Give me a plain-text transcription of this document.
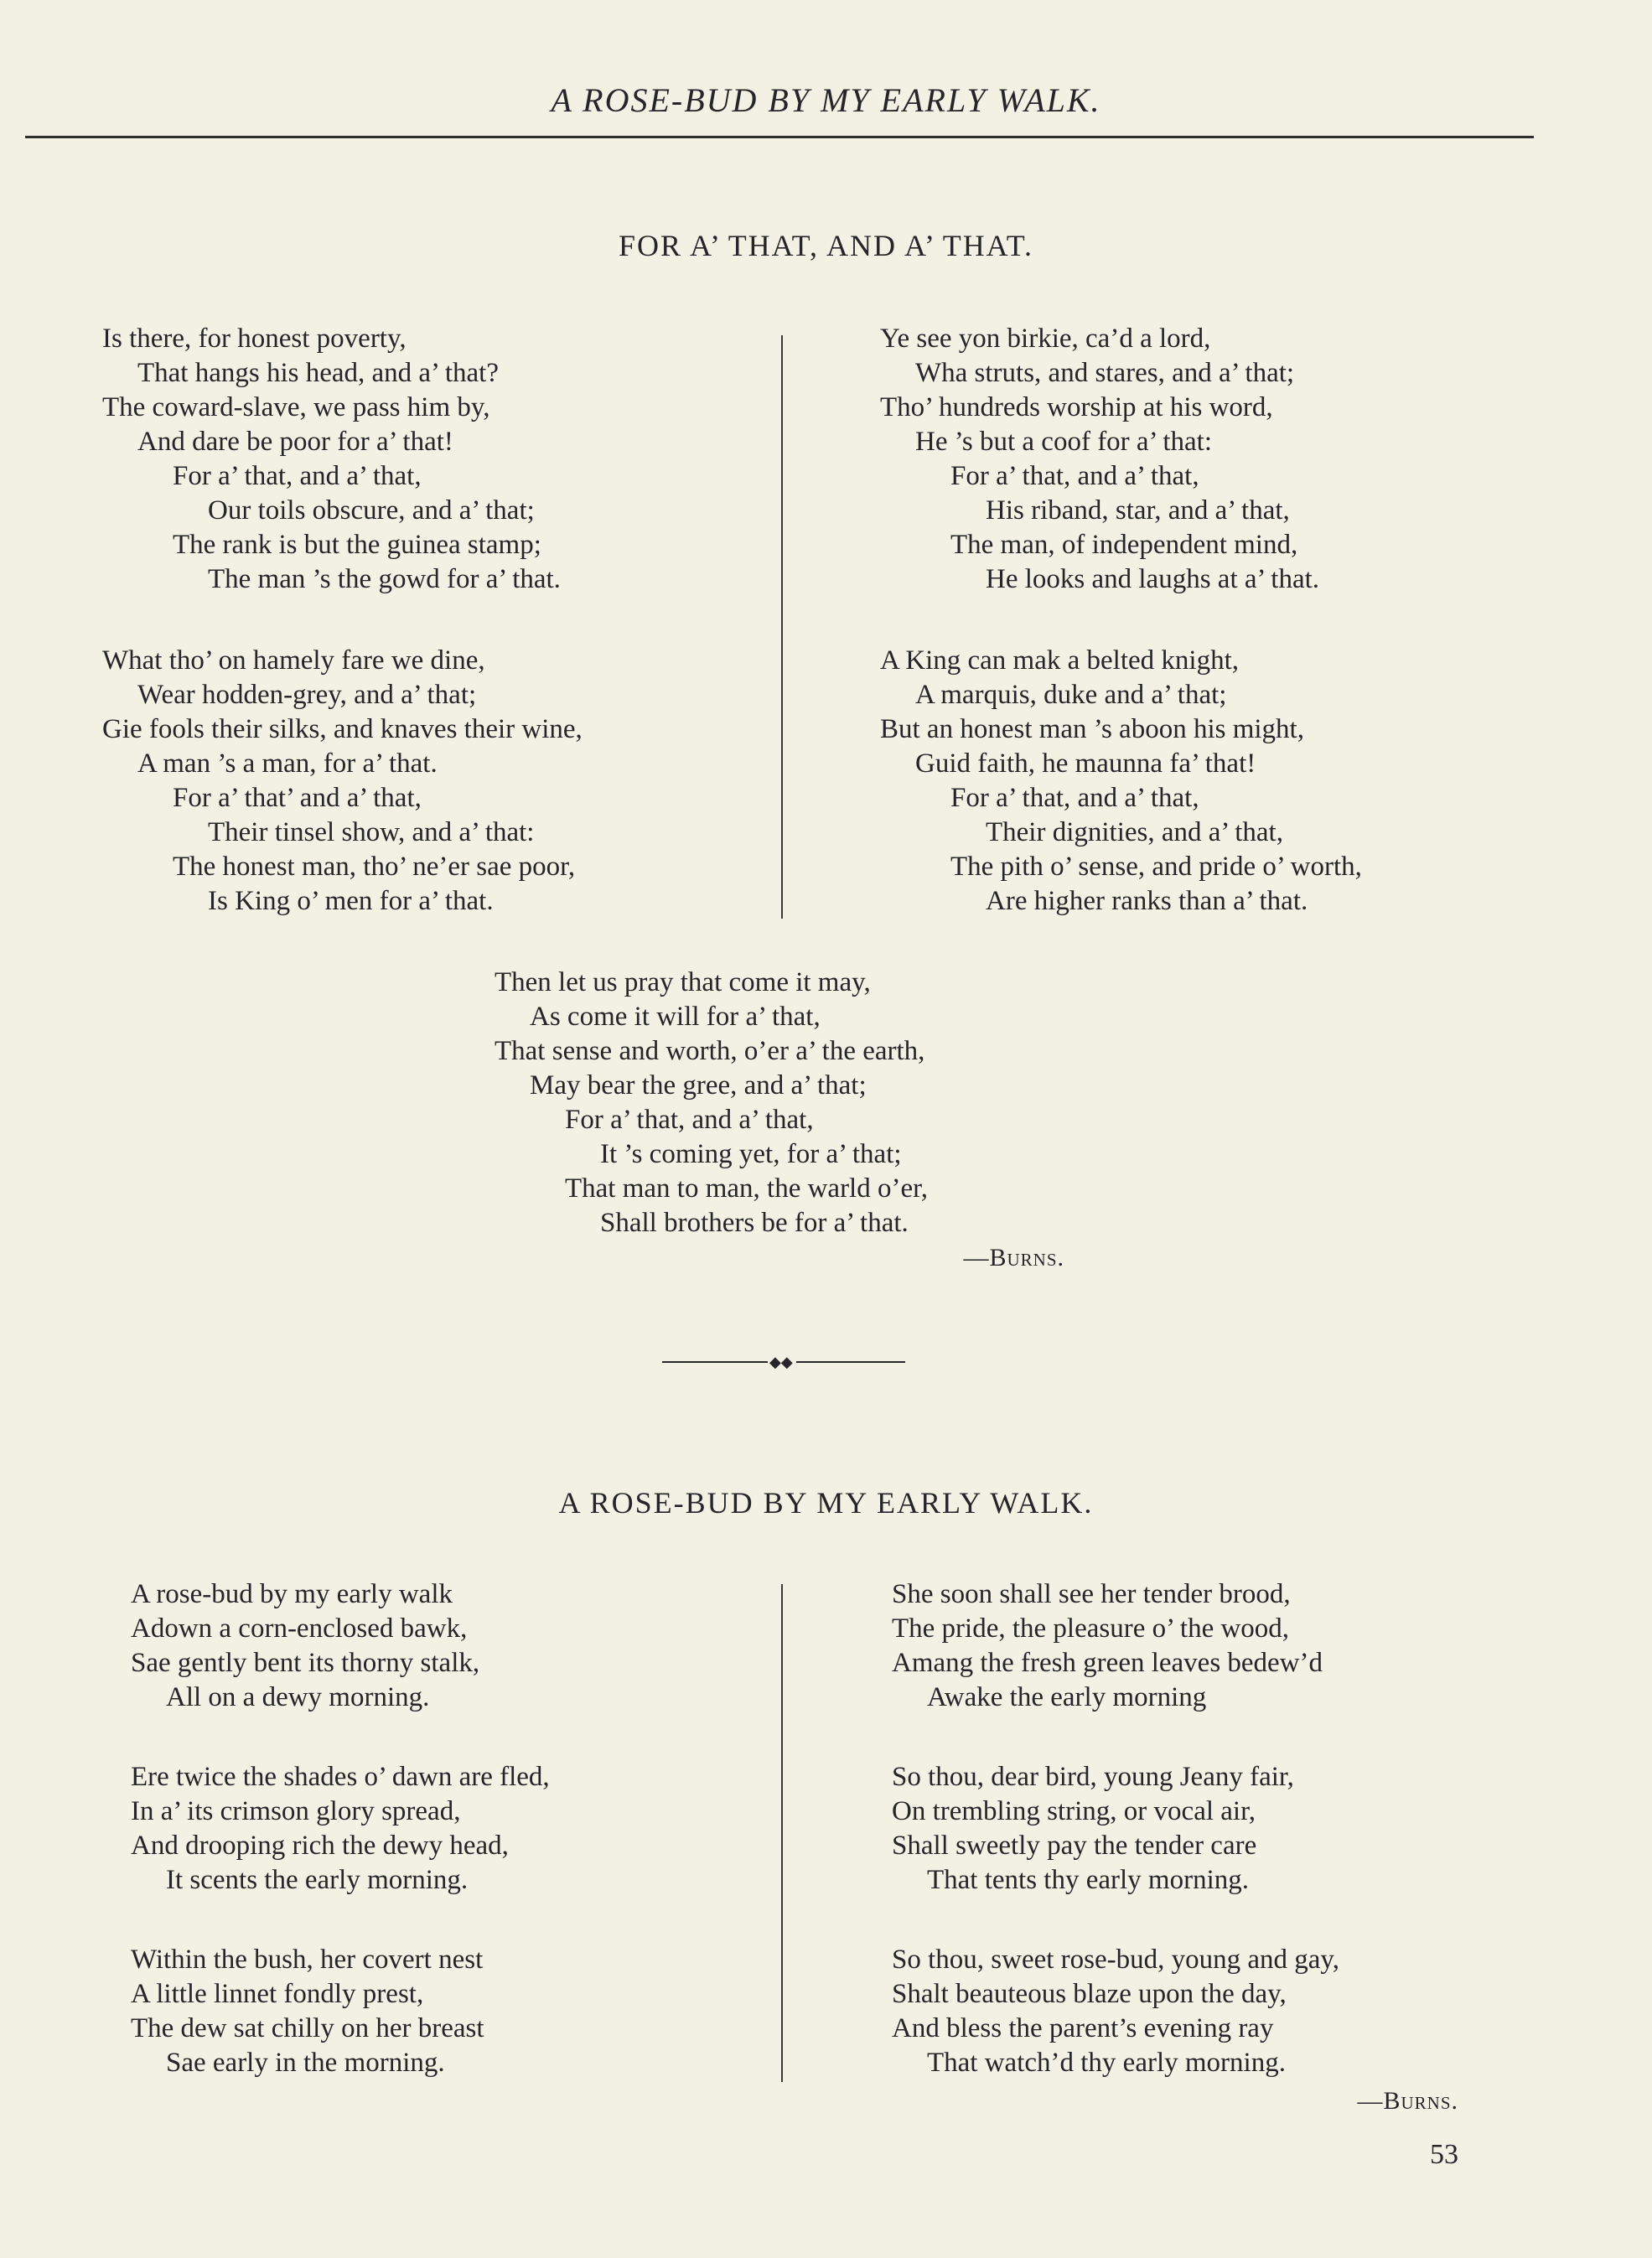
A ROSE-BUD BY MY EARLY WALK.
FOR A’ THAT, AND A’ THAT.
Is there, for honest poverty,
That hangs his head, and a’ that?
The coward-slave, we pass him by,
And dare be poor for a’ that!
For a’ that, and a’ that,
Our toils obscure, and a’ that;
The rank is but the guinea stamp;
The man ’s the gowd for a’ that.
What tho’ on hamely fare we dine,
Wear hodden-grey, and a’ that;
Gie fools their silks, and knaves their wine,
A man ’s a man, for a’ that.
For a’ that’ and a’ that,
Their tinsel show, and a’ that:
The honest man, tho’ ne’er sae poor,
Is King o’ men for a’ that.
Ye see yon birkie, ca’d a lord,
Wha struts, and stares, and a’ that;
Tho’ hundreds worship at his word,
He ’s but a coof for a’ that:
For a’ that, and a’ that,
His riband, star, and a’ that,
The man, of independent mind,
He looks and laughs at a’ that.
A King can mak a belted knight,
A marquis, duke and a’ that;
But an honest man ’s aboon his might,
Guid faith, he maunna fa’ that!
For a’ that, and a’ that,
Their dignities, and a’ that,
The pith o’ sense, and pride o’ worth,
Are higher ranks than a’ that.
Then let us pray that come it may,
As come it will for a’ that,
That sense and worth, o’er a’ the earth,
May bear the gree, and a’ that;
For a’ that, and a’ that,
It ’s coming yet, for a’ that;
That man to man, the warld o’er,
Shall brothers be for a’ that.
—Burns.
◆◆
A ROSE-BUD BY MY EARLY WALK.
A rose-bud by my early walk
Adown a corn-enclosed bawk,
Sae gently bent its thorny stalk,
All on a dewy morning.
Ere twice the shades o’ dawn are fled,
In a’ its crimson glory spread,
And drooping rich the dewy head,
It scents the early morning.
Within the bush, her covert nest
A little linnet fondly prest,
The dew sat chilly on her breast
Sae early in the morning.
She soon shall see her tender brood,
The pride, the pleasure o’ the wood,
Amang the fresh green leaves bedew’d
Awake the early morning
So thou, dear bird, young Jeany fair,
On trembling string, or vocal air,
Shall sweetly pay the tender care
That tents thy early morning.
So thou, sweet rose-bud, young and gay,
Shalt beauteous blaze upon the day,
And bless the parent’s evening ray
That watch’d thy early morning.
—Burns.
53
